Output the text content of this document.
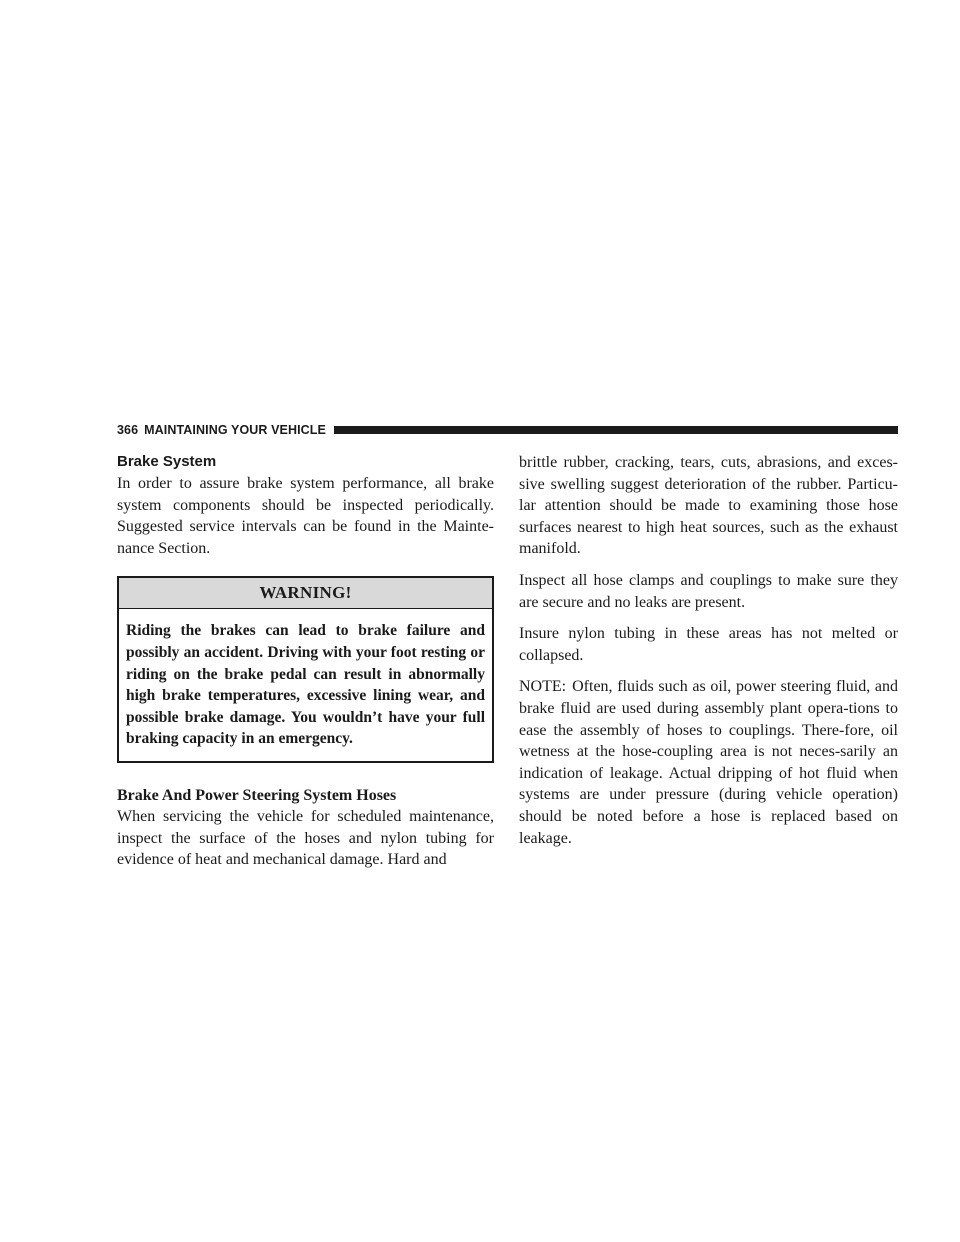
366 MAINTAINING YOUR VEHICLE
Brake System

In order to assure brake system performance, all brake system components should be inspected periodically. Suggested service intervals can be found in the Mainte-nance Section.

WARNING!
Riding the brakes can lead to brake failure and possibly an accident. Driving with your foot resting or riding on the brake pedal can result in abnormally high brake temperatures, excessive lining wear, and possible brake damage. You wouldn’t have your full braking capacity in an emergency.
Brake And Power Steering System Hoses

When servicing the vehicle for scheduled maintenance, inspect the surface of the hoses and nylon tubing for evidence of heat and mechanical damage. Hard and

brittle rubber, cracking, tears, cuts, abrasions, and exces-sive swelling suggest deterioration of the rubber. Particu-lar attention should be made to examining those hose surfaces nearest to high heat sources, such as the exhaust manifold.

Inspect all hose clamps and couplings to make sure they are secure and no leaks are present.

Insure nylon tubing in these areas has not melted or collapsed.

NOTE: Often, fluids such as oil, power steering fluid, and brake fluid are used during assembly plant opera-tions to ease the assembly of hoses to couplings. There-fore, oil wetness at the hose-coupling area is not neces-sarily an indication of leakage. Actual dripping of hot fluid when systems are under pressure (during vehicle operation) should be noted before a hose is replaced based on leakage.
